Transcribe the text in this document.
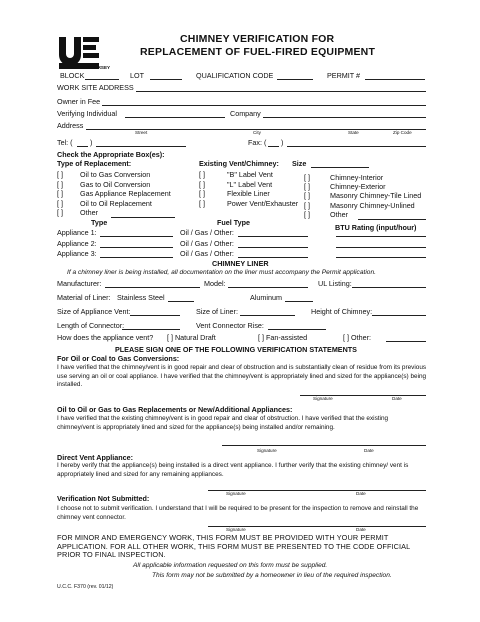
NEW JERSEY
CHIMNEY VERIFICATION FOR
REPLACEMENT OF FUEL-FIRED EQUIPMENT
BLOCK	LOT	QUALIFICATION CODE	PERMIT #
WORK SITE ADDRESS
Owner in Fee
Verifying Individual	Company
Address
Street	City	State	Zip Code
Tel: ( )	Fax: ( )
Check the Appropriate Box(es):
Type of Replacement:	Existing Vent/Chimney: Size
[ ] Oil to Gas Conversion
[ ] Gas to Oil Conversion
[ ] Gas Appliance Replacement
[ ] Oil to Oil Replacement
[ ] Other
[ ]	"B" Label Vent
[ ]	"L" Label Vent
[ ]	Flexible Liner
[ ]	Power Vent/Exhauster
[ ]	Chimney-Interior
[ ]	Chimney-Exterior
[ ]	Masonry Chimney-Tile Lined
[ ]	Masonry Chimney-Unlined
[ ]	Other
Type	Fuel Type
BTU Rating (input/hour)
Appliance 1:	Oil / Gas / Other:
Appliance 2:	Oil / Gas / Other:
Appliance 3:	Oil / Gas / Other:
CHIMNEY LINER
If a chimney liner is being installed, all documentation on the liner must accompany the Permit application.
Manufacturer:	Model:	UL Listing:
Material of Liner: Stainless Steel	Aluminum
Size of Appliance Vent:	Size of Liner:	Height of Chimney:
Length of Connector:	Vent Connector Rise:
How does the appliance vent? [ ] Natural Draft	[ ] Fan-assisted	[ ] Other:
PLEASE SIGN ONE OF THE FOLLOWING VERIFICATION STATEMENTS
For Oil or Coal to Gas Conversions:
I have verified that the chimney/vent is in good repair and clear of obstruction and is substantially clean of residue from its previous use serving an oil or coal appliance. I have verified that the chimney/vent is appropriately lined and sized for the appliance(s) being installed.
Signature	Date
Oil to Oil or Gas to Gas Replacements or New/Additional Appliances:
I have verified that the existing chimney/vent is in good repair and clear of obstruction. I have verified that the existing chimney/vent is appropriately lined and sized for the appliance(s) being installed and/or remaining.
Signature	Date
Direct Vent Appliance:
I hereby verify that the appliance(s) being installed is a direct vent appliance. I further verify that the existing chimney/ vent is appropriately lined and sized for any remaining appliances.
Signature	Date
Verification Not Submitted:
I choose not to submit verification. I understand that I will be required to be present for the inspection to remove and reinstall the chimney vent connector.
Signature	Date
FOR MINOR AND EMERGENCY WORK, THIS FORM MUST BE PROVIDED WITH YOUR PERMIT APPLICATION. FOR ALL OTHER WORK, THIS FORM MUST BE PRESENTED TO THE CODE OFFICIAL PRIOR TO FINAL INSPECTION.
All applicable information requested on this form must be supplied.
This form may not be submitted by a homeowner in lieu of the required inspection.
U.C.C. F370 (rev. 01/12)
